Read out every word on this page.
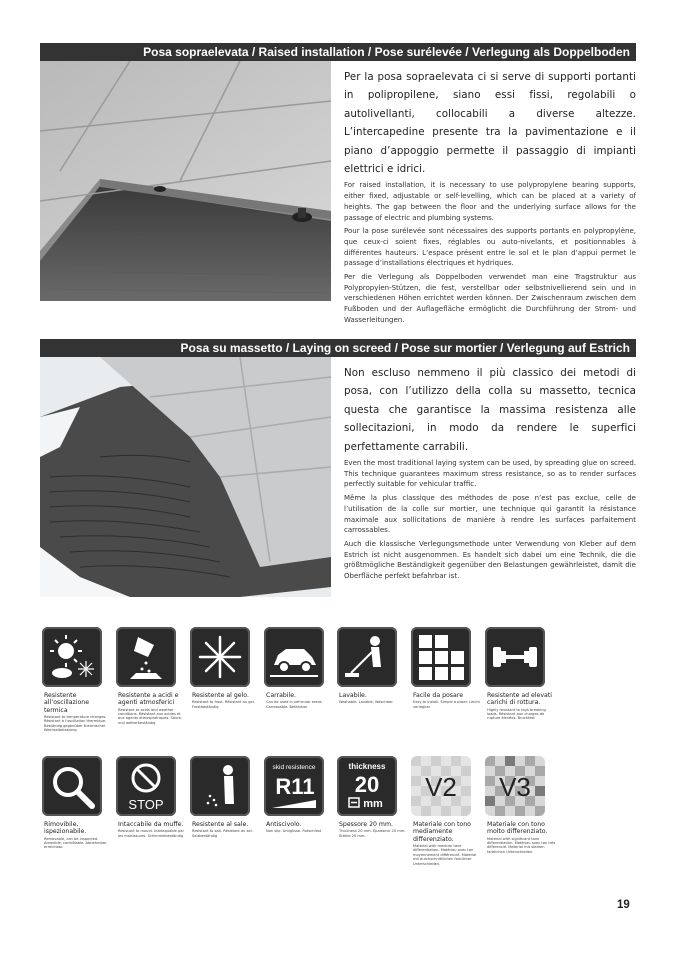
Posa sopraelevata / Raised installation / Pose surélevée / Verlegung als Doppelboden

Per la posa sopraelevata ci si serve di supporti portanti in polipropilene, siano essi fissi, regolabili o autolivellanti, collocabili a diverse altezze. L’intercapedine presente tra la pavimentazione e il piano d’appoggio permette il passaggio di impianti elettrici e idrici.

For raised installation, it is necessary to use polypropylene bearing supports, either fixed, adjustable or self-levelling, which can be placed at a variety of heights. The gap between the floor and the underlying surface allows for the passage of electric and plumbing systems.

Pour la pose surélevée sont nécessaires des supports portants en polypropylène, que ceux-ci soient fixes, réglables ou auto-nivelants, et positionnables à différentes hauteurs. L’espace présent entre le sol et le plan d’appui permet le passage d’installations électriques et hydriques.

Per die Verlegung als Doppelboden verwendet man eine Tragstruktur aus Polypropylen-Stützen, die fest, verstellbar oder selbstnivellierend sein und in verschiedenen Höhen errichtet werden können. Der Zwischenraum zwischen dem Fußboden und der Auflagefläche ermöglicht die Durchführung der Strom- und Wasserleitungen.

Posa su massetto / Laying on screed / Pose sur mortier / Verlegung auf Estrich

Non escluso nemmeno il più classico dei metodi di posa, con l’utilizzo della colla su massetto, tecnica questa che garantisce la massima resistenza alle sollecitazioni, in modo da rendere le superfici perfettamente carrabili.

Even the most traditional laying system can be used, by spreading glue on screed. This technique guarantees maximum stress resistance, so as to render surfaces perfectly suitable for vehicular traffic.

Même la plus classique des méthodes de pose n’est pas exclue, celle de l’utilisation de la colle sur mortier, une technique qui garantit la résistance maximale aux sollicitations de manière à rendre les surfaces parfaitement carrossables.

Auch die klassische Verlegungsmethode unter Verwendung von Kleber auf dem Estrich ist nicht ausgenommen. Es handelt sich dabei um eine Technik, die die größtmögliche Beständigkeit gegenüber den Belastungen gewährleistet, damit die Oberfläche perfekt befahrbar ist.

Resistente all’oscillazione termica
Resistant to temperature changes. Résistant à l’oscillation thermique. Beständig gegenüber thermischer Wechselbelastung
Resistente a acidi e agenti atmosferici
Resistant to acids and weather conditions. Résistant aux acides et aux agents atmosphériques. Säure- und wetterbeständig
Resistente al gelo.
Resistant to frost. Résistant au gel. Frostbeständig
Carrabile.
Can be used in vehicular areas. Carrossable. Befahrbar
Lavabile.
Washable. Lavable. Waschbar.
Facile da posare
Easy to install. Simple à poser. Leicht verlegbar
Resistente ad elevati carichi di rottura.
Highly resistant to high breaking loads. Résistant aux charges de rupture élevées. Bruchfest
STOP
skid resistence
R11
thickness
20
mm
V2 V3
Rimovibile, ispezionabile.
Removable, can be inspected. Amovible, contrôlable. Abnehmbar, erreichbar.
Intaccabile da muffe.
Resistant to mould. Inattaquable par les moisissures. Schimmelbeständig
Resistente al sale.
Resistant to salt. Résistant au sel. Salzbeständig
Antiscivolo.
Non slip. Antiglisse. Rutschfest
Spessore 20 mm.
Thickness 20 mm. Épaisseur 20 mm. Stärke 20 mm.
Materiale con tono mediamente differenziato.
Material with medium tone differentiation. Matériau avec ton moyennement différencié. Material mit durchschnittlichen farblicher Unterschieden.
Materiale con tono molto differenziato.
Material with significant tone differentiation. Matériau avec ton très différencié. Material mit starken farblichen Unterschieden.
19
